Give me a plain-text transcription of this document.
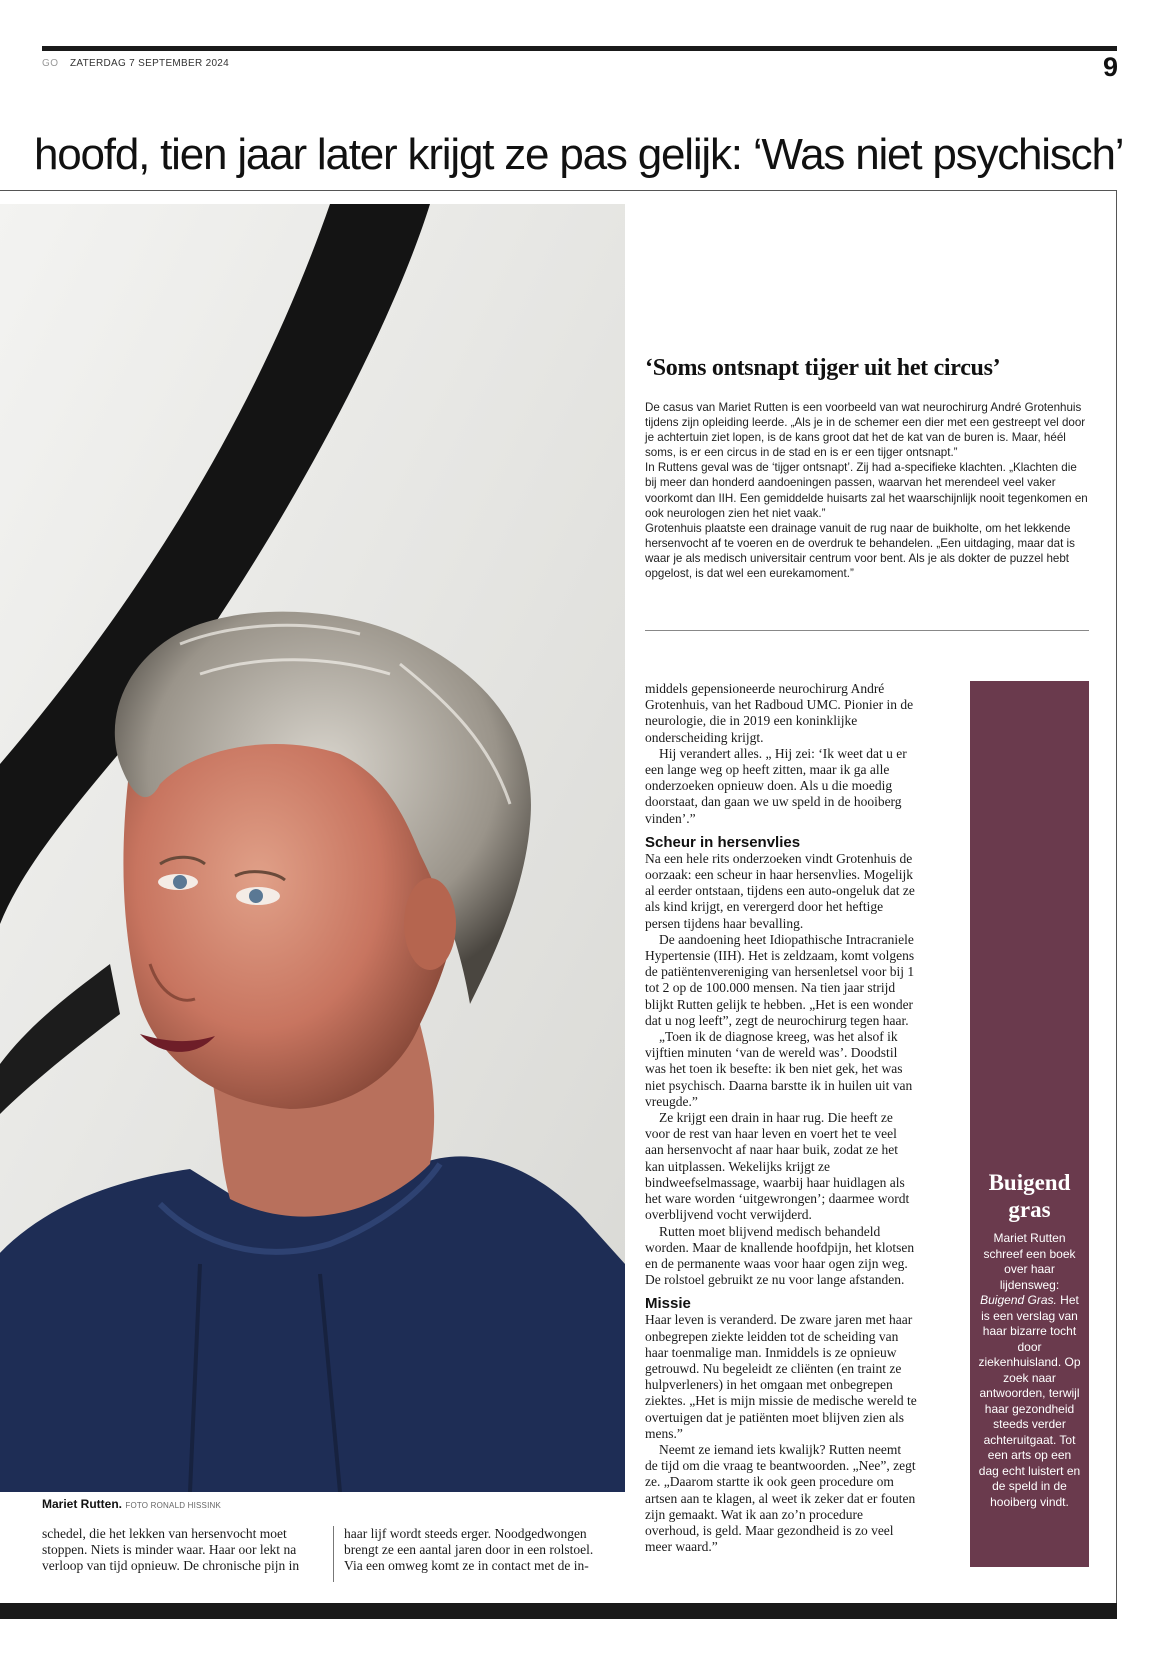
GO ZATERDAG 7 SEPTEMBER 2024	9
hoofd, tien jaar later krijgt ze pas gelijk: ‘Was niet psychisch’
Mariet Rutten. FOTO RONALD HISSINK

schedel, die het lekken van hersenvocht moet stoppen. Niets is minder waar. Haar oor lekt na verloop van tijd opnieuw. De chronische pijn in

haar lijf wordt steeds erger. Noodgedwongen brengt ze een aantal jaren door in een rolstoel. Via een omweg komt ze in contact met de in-

‘Soms ontsnapt tijger uit het circus’

De casus van Mariet Rutten is een voorbeeld van wat neurochirurg André Grotenhuis tijdens zijn opleiding leerde. „Als je in de schemer een dier met een gestreept vel door je achtertuin ziet lopen, is de kans groot dat het de kat van de buren is. Maar, héél soms, is er een circus in de stad en is er een tijger ontsnapt.”

In Ruttens geval was de ‘tijger ontsnapt’. Zij had a-specifieke klachten. „Klachten die bij meer dan honderd aandoeningen passen, waarvan het merendeel veel vaker voorkomt dan IIH. Een gemiddelde huisarts zal het waarschijnlijk nooit tegenkomen en ook neurologen zien het niet vaak.”

Grotenhuis plaatste een drainage vanuit de rug naar de buikholte, om het lekkende hersenvocht af te voeren en de overdruk te behandelen. „Een uitdaging, maar dat is waar je als medisch universitair centrum voor bent. Als je als dokter de puzzel hebt opgelost, is dat wel een eurekamoment.”

middels gepensioneerde neurochirurg André Grotenhuis, van het Radboud UMC. Pionier in de neurologie, die in 2019 een koninklijke onderscheiding krijgt.

Hij verandert alles. „ Hij zei: ‘Ik weet dat u er een lange weg op heeft zitten, maar ik ga alle onderzoeken opnieuw doen. Als u die moedig doorstaat, dan gaan we uw speld in de hooiberg vinden’.”

Scheur in hersenvlies

Na een hele rits onderzoeken vindt Grotenhuis de oorzaak: een scheur in haar hersenvlies. Mogelijk al eerder ontstaan, tijdens een auto-ongeluk dat ze als kind krijgt, en verergerd door het heftige persen tijdens haar bevalling.

De aandoening heet Idiopathische Intracraniele Hypertensie (IIH). Het is zeldzaam, komt volgens de patiëntenvereniging van hersenletsel voor bij 1 tot 2 op de 100.000 mensen. Na tien jaar strijd blijkt Rutten gelijk te hebben. „Het is een wonder dat u nog leeft”, zegt de neurochirurg tegen haar.

„Toen ik de diagnose kreeg, was het alsof ik vijftien minuten ‘van de wereld was’. Doodstil was het toen ik besefte: ik ben niet gek, het was niet psychisch. Daarna barstte ik in huilen uit van vreugde.”

Ze krijgt een drain in haar rug. Die heeft ze voor de rest van haar leven en voert het te veel aan hersenvocht af naar haar buik, zodat ze het kan uitplassen. Wekelijks krijgt ze bindweefselmassage, waarbij haar huidlagen als het ware worden ‘uitgewrongen’; daarmee wordt overblijvend vocht verwijderd.

Rutten moet blijvend medisch behandeld worden. Maar de knallende hoofdpijn, het klotsen en de permanente waas voor haar ogen zijn weg. De rolstoel gebruikt ze nu voor lange afstanden.

Missie

Haar leven is veranderd. De zware jaren met haar onbegrepen ziekte leidden tot de scheiding van haar toenmalige man. Inmiddels is ze opnieuw getrouwd. Nu begeleidt ze cliënten (en traint ze hulpverleners) in het omgaan met onbegrepen ziektes. „Het is mijn missie de medische wereld te overtuigen dat je patiënten moet blijven zien als mens.”

Neemt ze iemand iets kwalijk? Rutten neemt de tijd om die vraag te beantwoorden. „Nee”, zegt ze. „Daarom startte ik ook geen procedure om artsen aan te klagen, al weet ik zeker dat er fouten zijn gemaakt. Wat ik aan zo’n procedure overhoud, is geld. Maar gezondheid is zo veel meer waard.”

Buigend gras

Mariet Rutten schreef een boek over haar lijdensweg: Buigend Gras. Het is een verslag van haar bizarre tocht door ziekenhuisland. Op zoek naar antwoorden, terwijl haar gezondheid steeds verder achteruitgaat. Tot een arts op een dag echt luistert en de speld in de hooiberg vindt.
